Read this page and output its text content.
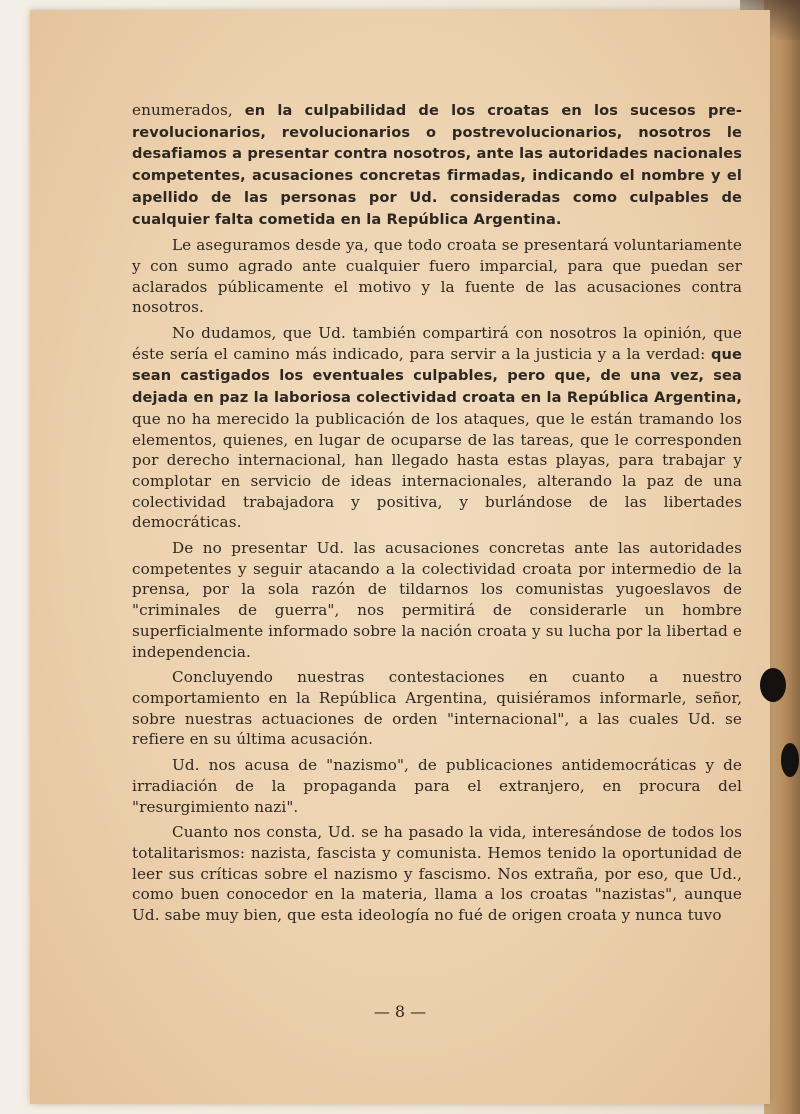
enumerados, en la culpabilidad de los croatas en los sucesos pre-revolucionarios, revolucionarios o postrevolucionarios, nosotros le desafiamos a presentar contra nosotros, ante las autoridades nacionales competentes, acusaciones concretas firmadas, indicando el nombre y el apellido de las personas por Ud. consideradas como culpables de cualquier falta cometida en la República Argentina.

Le aseguramos desde ya, que todo croata se presentará voluntariamente y con sumo agrado ante cualquier fuero imparcial, para que puedan ser aclarados públicamente el motivo y la fuente de las acusaciones contra nosotros.

No dudamos, que Ud. también compartirá con nosotros la opinión, que éste sería el camino más indicado, para servir a la justicia y a la verdad: que sean castigados los eventuales culpables, pero que, de una vez, sea dejada en paz la laboriosa colectividad croata en la República Argentina, que no ha merecido la publicación de los ataques, que le están tramando los elementos, quienes, en lugar de ocuparse de las tareas, que le corresponden por derecho internacional, han llegado hasta estas playas, para trabajar y complotar en servicio de ideas internacionales, alterando la paz de una colectividad trabajadora y positiva, y burlándose de las libertades democráticas.

De no presentar Ud. las acusaciones concretas ante las autoridades competentes y seguir atacando a la colectividad croata por intermedio de la prensa, por la sola razón de tildarnos los comunistas yugoeslavos de "criminales de guerra", nos permitirá de considerarle un hombre superficialmente informado sobre la nación croata y su lucha por la libertad e independencia.

Concluyendo nuestras contestaciones en cuanto a nuestro comportamiento en la República Argentina, quisiéramos informarle, señor, sobre nuestras actuaciones de orden "internacional", a las cuales Ud. se refiere en su última acusación.

Ud. nos acusa de "nazismo", de publicaciones antidemocráticas y de irradiación de la propaganda para el extranjero, en procura del "resurgimiento nazi".

Cuanto nos consta, Ud. se ha pasado la vida, interesándose de todos los totalitarismos: nazista, fascista y comunista. Hemos tenido la oportunidad de leer sus críticas sobre el nazismo y fascismo. Nos extraña, por eso, que Ud., como buen conocedor en la materia, llama a los croatas "nazistas", aunque Ud. sabe muy bien, que esta ideología no fué de origen croata y nunca tuvo

— 8 —
